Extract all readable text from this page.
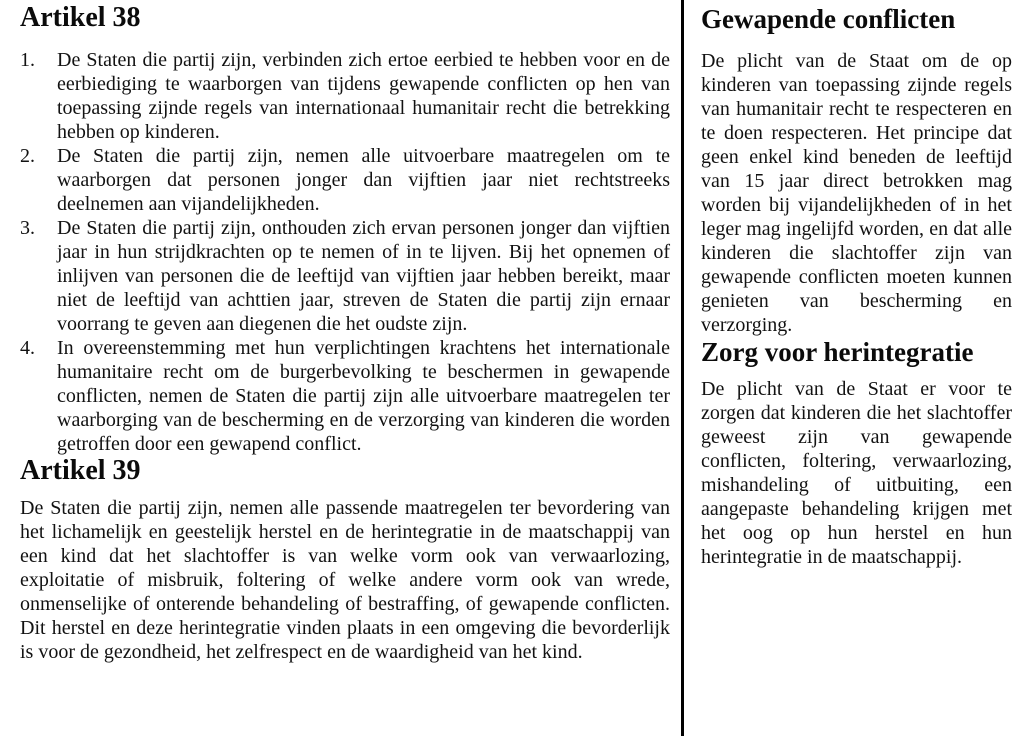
Artikel 38
1.	De Staten die partij zijn, verbinden zich ertoe eerbied te hebben voor en de eerbiediging te waarborgen van tijdens gewapende conflicten op hen van toepassing zijnde regels van internationaal humanitair recht die betrekking hebben op kinderen.
2.	De Staten die partij zijn, nemen alle uitvoerbare maatregelen om te waarborgen dat personen jonger dan vijftien jaar niet rechtstreeks deelnemen aan vijandelijkheden.
3.	De Staten die partij zijn, onthouden zich ervan personen jonger dan vijftien jaar in hun strijdkrachten op te nemen of in te lijven. Bij het opnemen of inlijven van personen die de leeftijd van vijftien jaar hebben bereikt, maar niet de leeftijd van achttien jaar, streven de Staten die partij zijn ernaar voorrang te geven aan diegenen die het oudste zijn.
4.	In overeenstemming met hun verplichtingen krachtens het internationale humanitaire recht om de burgerbevolking te beschermen in gewapende conflicten, nemen de Staten die partij zijn alle uitvoerbare maatregelen ter waarborging van de bescherming en de verzorging van kinderen die worden getroffen door een gewapend conflict.
Artikel 39
De Staten die partij zijn, nemen alle passende maatregelen ter bevordering van het lichamelijk en geestelijk herstel en de herintegratie in de maatschappij van een kind dat het slachtoffer is van welke vorm ook van verwaarlozing, exploitatie of misbruik, foltering of welke andere vorm ook van wrede, onmenselijke of onterende behandeling of bestraffing, of gewapende conflicten. Dit herstel en deze herintegratie vinden plaats in een omgeving die bevorderlijk is voor de gezondheid, het zelfrespect en de waardigheid van het kind.
Gewapende conflicten
De plicht van de Staat om de op kinderen van toepassing zijnde regels van humanitair recht te respecteren en te doen respecteren. Het principe dat geen enkel kind beneden de leeftijd van 15 jaar direct betrokken mag worden bij vijandelijkheden of in het leger mag ingelijfd worden, en dat alle kinderen die slachtoffer zijn van gewapende conflicten moeten kunnen genieten van bescherming en verzorging.
Zorg voor herintegratie
De plicht van de Staat er voor te zorgen dat kinderen die het slachtoffer geweest zijn van gewapende conflicten, foltering, verwaarlozing, mishandeling of uitbuiting, een aangepaste behandeling krijgen met het oog op hun herstel en hun herintegratie in de maatschappij.
